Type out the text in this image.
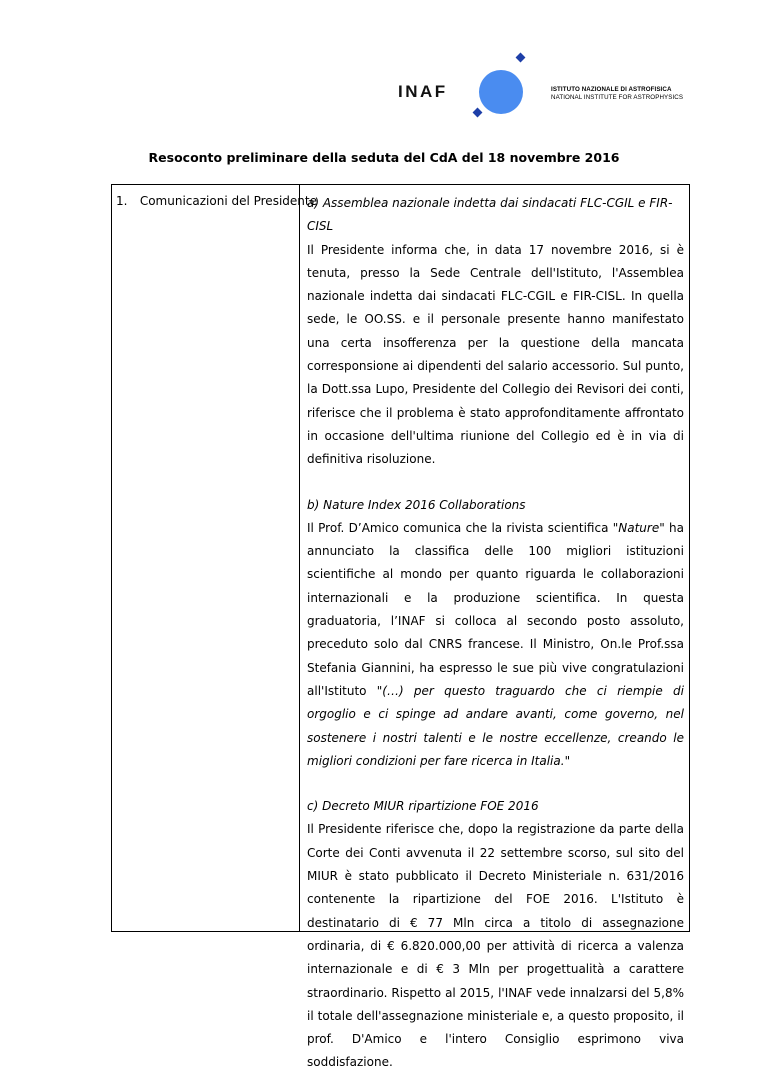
INAF	ISTITUTO NAZIONALE DI ASTROFISICA
NATIONAL INSTITUTE FOR ASTROPHYSICS
Resoconto preliminare della seduta del CdA del 18 novembre 2016
1. Comunicazioni del Presidente

a) Assemblea nazionale indetta dai sindacati FLC-CGIL e FIR-CISL

Il Presidente informa che, in data 17 novembre 2016, si è tenuta, presso la Sede Centrale dell'Istituto, l'Assemblea nazionale indetta dai sindacati FLC-CGIL e FIR-CISL. In quella sede, le OO.SS. e il personale presente hanno manifestato una certa insofferenza per la questione della mancata corresponsione ai dipendenti del salario accessorio. Sul punto, la Dott.ssa Lupo, Presidente del Collegio dei Revisori dei conti, riferisce che il problema è stato approfonditamente affrontato in occasione dell'ultima riunione del Collegio ed è in via di definitiva risoluzione.

b) Nature Index 2016 Collaborations

Il Prof. D’Amico comunica che la rivista scientifica "Nature" ha annunciato la classifica delle 100 migliori istituzioni scientifiche al mondo per quanto riguarda le collaborazioni internazionali e la produzione scientifica. In questa graduatoria, l’INAF si colloca al secondo posto assoluto, preceduto solo dal CNRS francese. Il Ministro, On.le Prof.ssa Stefania Giannini, ha espresso le sue più vive congratulazioni all'Istituto "(…) per questo traguardo che ci riempie di orgoglio e ci spinge ad andare avanti, come governo, nel sostenere i nostri talenti e le nostre eccellenze, creando le migliori condizioni per fare ricerca in Italia."

c) Decreto MIUR ripartizione FOE 2016

Il Presidente riferisce che, dopo la registrazione da parte della Corte dei Conti avvenuta il 22 settembre scorso, sul sito del MIUR è stato pubblicato il Decreto Ministeriale n. 631/2016 contenente la ripartizione del FOE 2016. L'Istituto è destinatario di € 77 Mln circa a titolo di assegnazione ordinaria, di € 6.820.000,00 per attività di ricerca a valenza internazionale e di € 3 Mln per progettualità a carattere straordinario. Rispetto al 2015, l'INAF vede innalzarsi del 5,8% il totale dell'assegnazione ministeriale e, a questo proposito, il prof. D'Amico e l'intero Consiglio esprimono viva soddisfazione.
